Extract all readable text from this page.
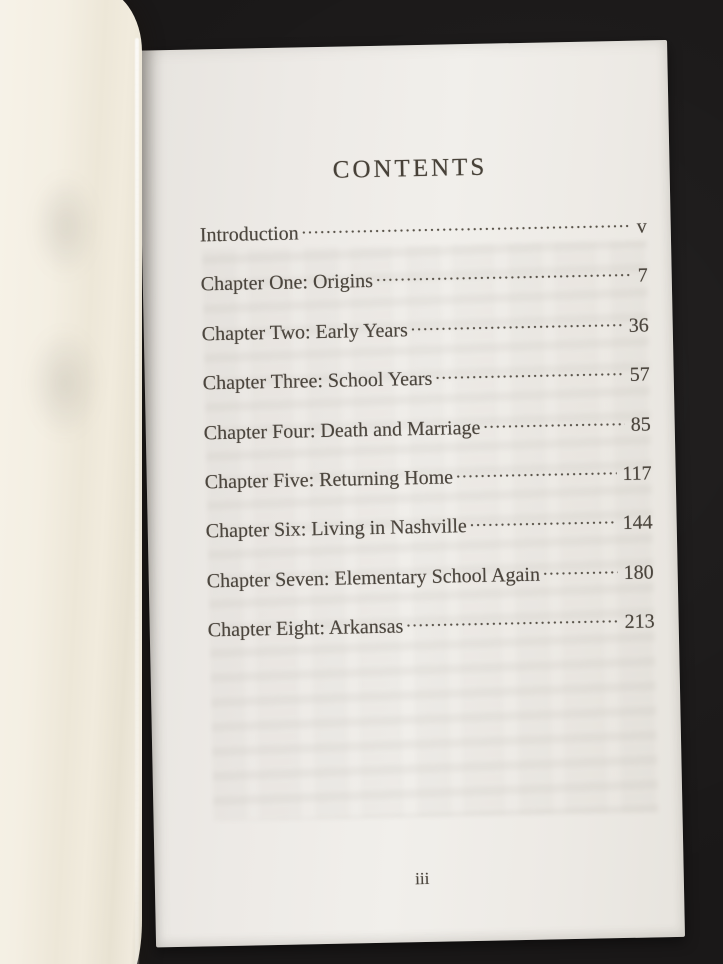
CONTENTS
Introduction .....	v
Chapter One: Origins .....	7
Chapter Two: Early Years .....	36
Chapter Three: School Years .....	57
Chapter Four: Death and Marriage .....	85
Chapter Five: Returning Home .....	117
Chapter Six: Living in Nashville .....	144
Chapter Seven: Elementary School Again .....	180
Chapter Eight: Arkansas .....	213
iii
